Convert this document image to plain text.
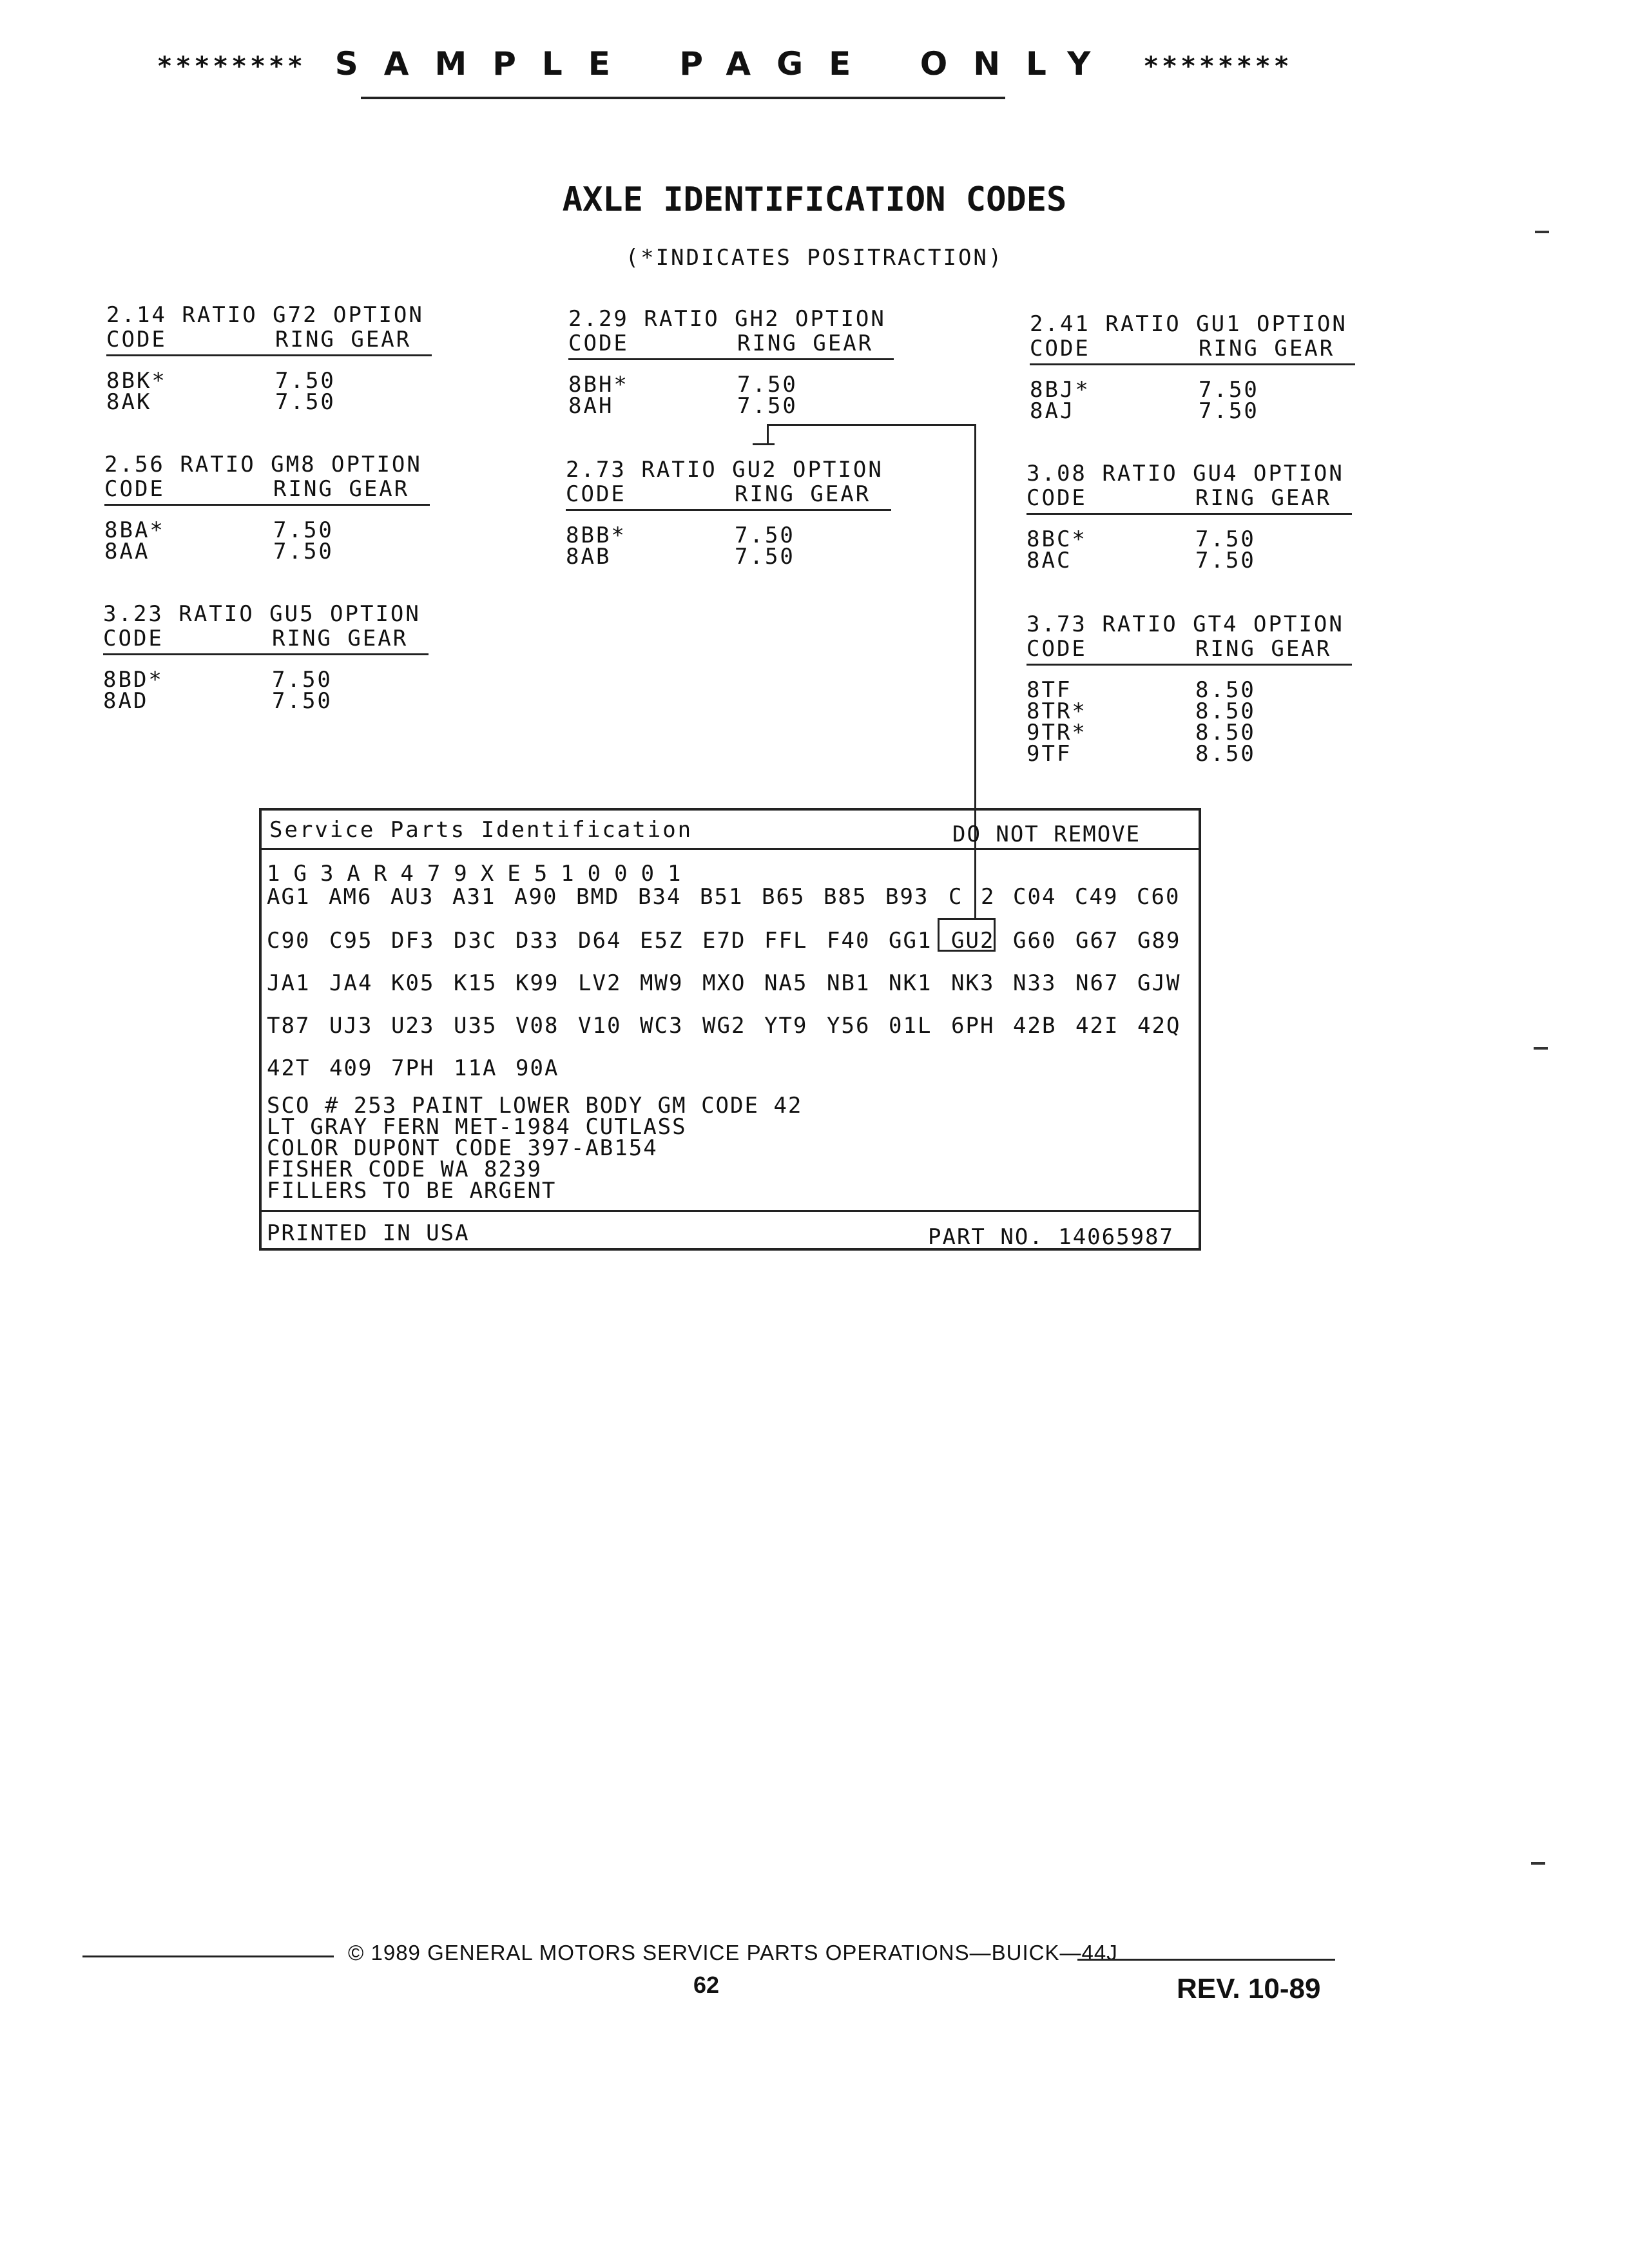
******** SAMPLE PAGE ONLY ********
AXLE IDENTIFICATION CODES
(*INDICATES POSITRACTION)
2.14 RATIO G72 OPTION
CODE	RING GEAR
8BK*	7.50
8AK	7.50
2.29 RATIO GH2 OPTION
CODE	RING GEAR
8BH*	7.50
8AH	7.50
2.41 RATIO GU1 OPTION
CODE	RING GEAR
8BJ*	7.50
8AJ	7.50
2.56 RATIO GM8 OPTION
CODE	RING GEAR
8BA*	7.50
8AA	7.50
2.73 RATIO GU2 OPTION
CODE	RING GEAR
8BB*	7.50
8AB	7.50
3.08 RATIO GU4 OPTION
CODE	RING GEAR
8BC*	7.50
8AC	7.50
3.23 RATIO GU5 OPTION
CODE	RING GEAR
8BD*	7.50
8AD	7.50
3.73 RATIO GT4 OPTION
CODE	RING GEAR
8TF	8.50
8TR*	8.50
9TR*	8.50
9TF	8.50
Service Parts Identification	DO NOT REMOVE
1G3AR479XE510001
AG1 AM6 AU3 A31 A90 BMD B34 B51 B65 B85 B93 C 2 C04 C49 C60
C90 C95 DF3 D3C D33 D64 E5Z E7D FFL F40 GG1 GU2 G60 G67 G89
JA1 JA4 K05 K15 K99 LV2 MW9 MXO NA5 NB1 NK1 NK3 N33 N67 GJW
T87 UJ3 U23 U35 V08 V10 WC3 WG2 YT9 Y56 01L 6PH 42B 42I 42Q
42T 409 7PH 11A 90A
SCO # 253 PAINT LOWER BODY GM CODE 42
LT GRAY FERN MET-1984 CUTLASS
COLOR DUPONT CODE 397-AB154
FISHER CODE WA 8239
FILLERS TO BE ARGENT
PRINTED IN USA	PART NO. 14065987
© 1989 GENERAL MOTORS SERVICE PARTS OPERATIONS—BUICK—44J
62	REV. 10-89
